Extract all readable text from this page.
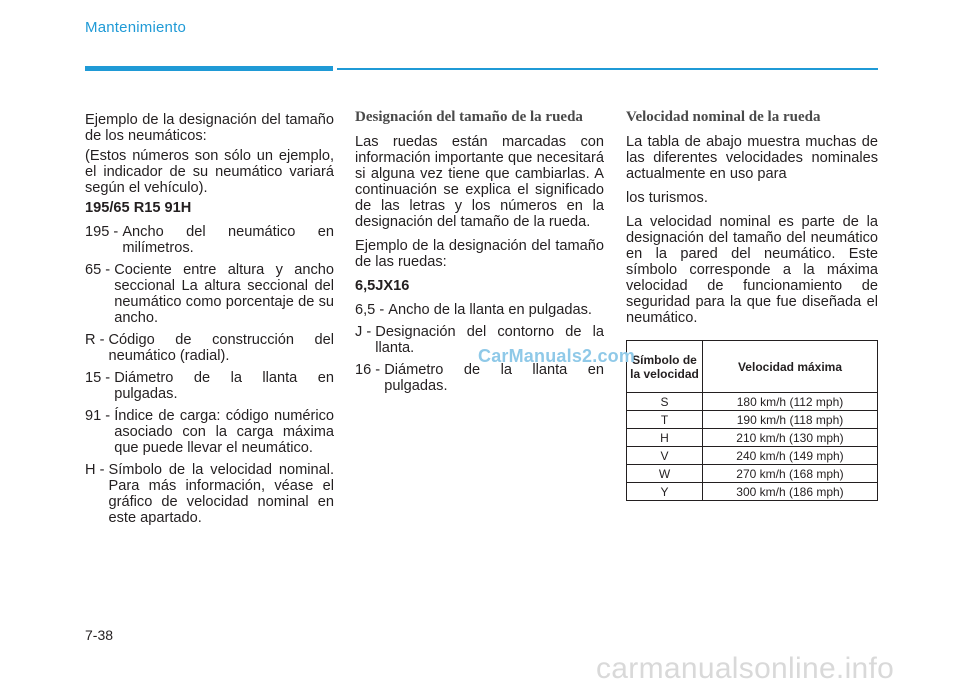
Mantenimiento
Ejemplo de la designación del tamaño de los neumáticos:
(Estos números son sólo un ejemplo, el indicador de su neumático variará según el vehículo).
195/65 R15 91H
195 - Ancho del neumático en milímetros.
65 - Cociente entre altura y ancho seccional La altura seccional del neumático como porcentaje de su ancho.
R - Código de construcción del neumático (radial).
15 - Diámetro de la llanta en pulgadas.
91 - Índice de carga: código numérico asociado con la carga máxima que puede llevar el neumático.
H - Símbolo de la velocidad nominal. Para más información, véase el gráfico de velocidad nominal en este apartado.
Designación del tamaño de la rueda
Las ruedas están marcadas con información importante que necesitará si alguna vez tiene que cambiarlas. A continuación se explica el significado de las letras y los números en la designación del tamaño de la rueda.
Ejemplo de la designación del tamaño de las ruedas:
6,5JX16
6,5 - Ancho de la llanta en pulgadas.
J - Designación del contorno de la llanta.
16 - Diámetro de la llanta en pulgadas.
Velocidad nominal de la rueda
La tabla de abajo muestra muchas de las diferentes velocidades nominales actualmente en uso para
los turismos.
La velocidad nominal es parte de la designación del tamaño del neumático en la pared del neumático. Este símbolo corresponde a la máxima velocidad de funcionamiento de seguridad para la que fue diseñada el neumático.
Símbolo de la velocidad	Velocidad máxima
S	180 km/h (112 mph)
T	190 km/h (118 mph)
H	210 km/h (130 mph)
V	240 km/h (149 mph)
W	270 km/h (168 mph)
Y	300 km/h (186 mph)
CarManuals2.com
7-38
carmanualsonline.info
